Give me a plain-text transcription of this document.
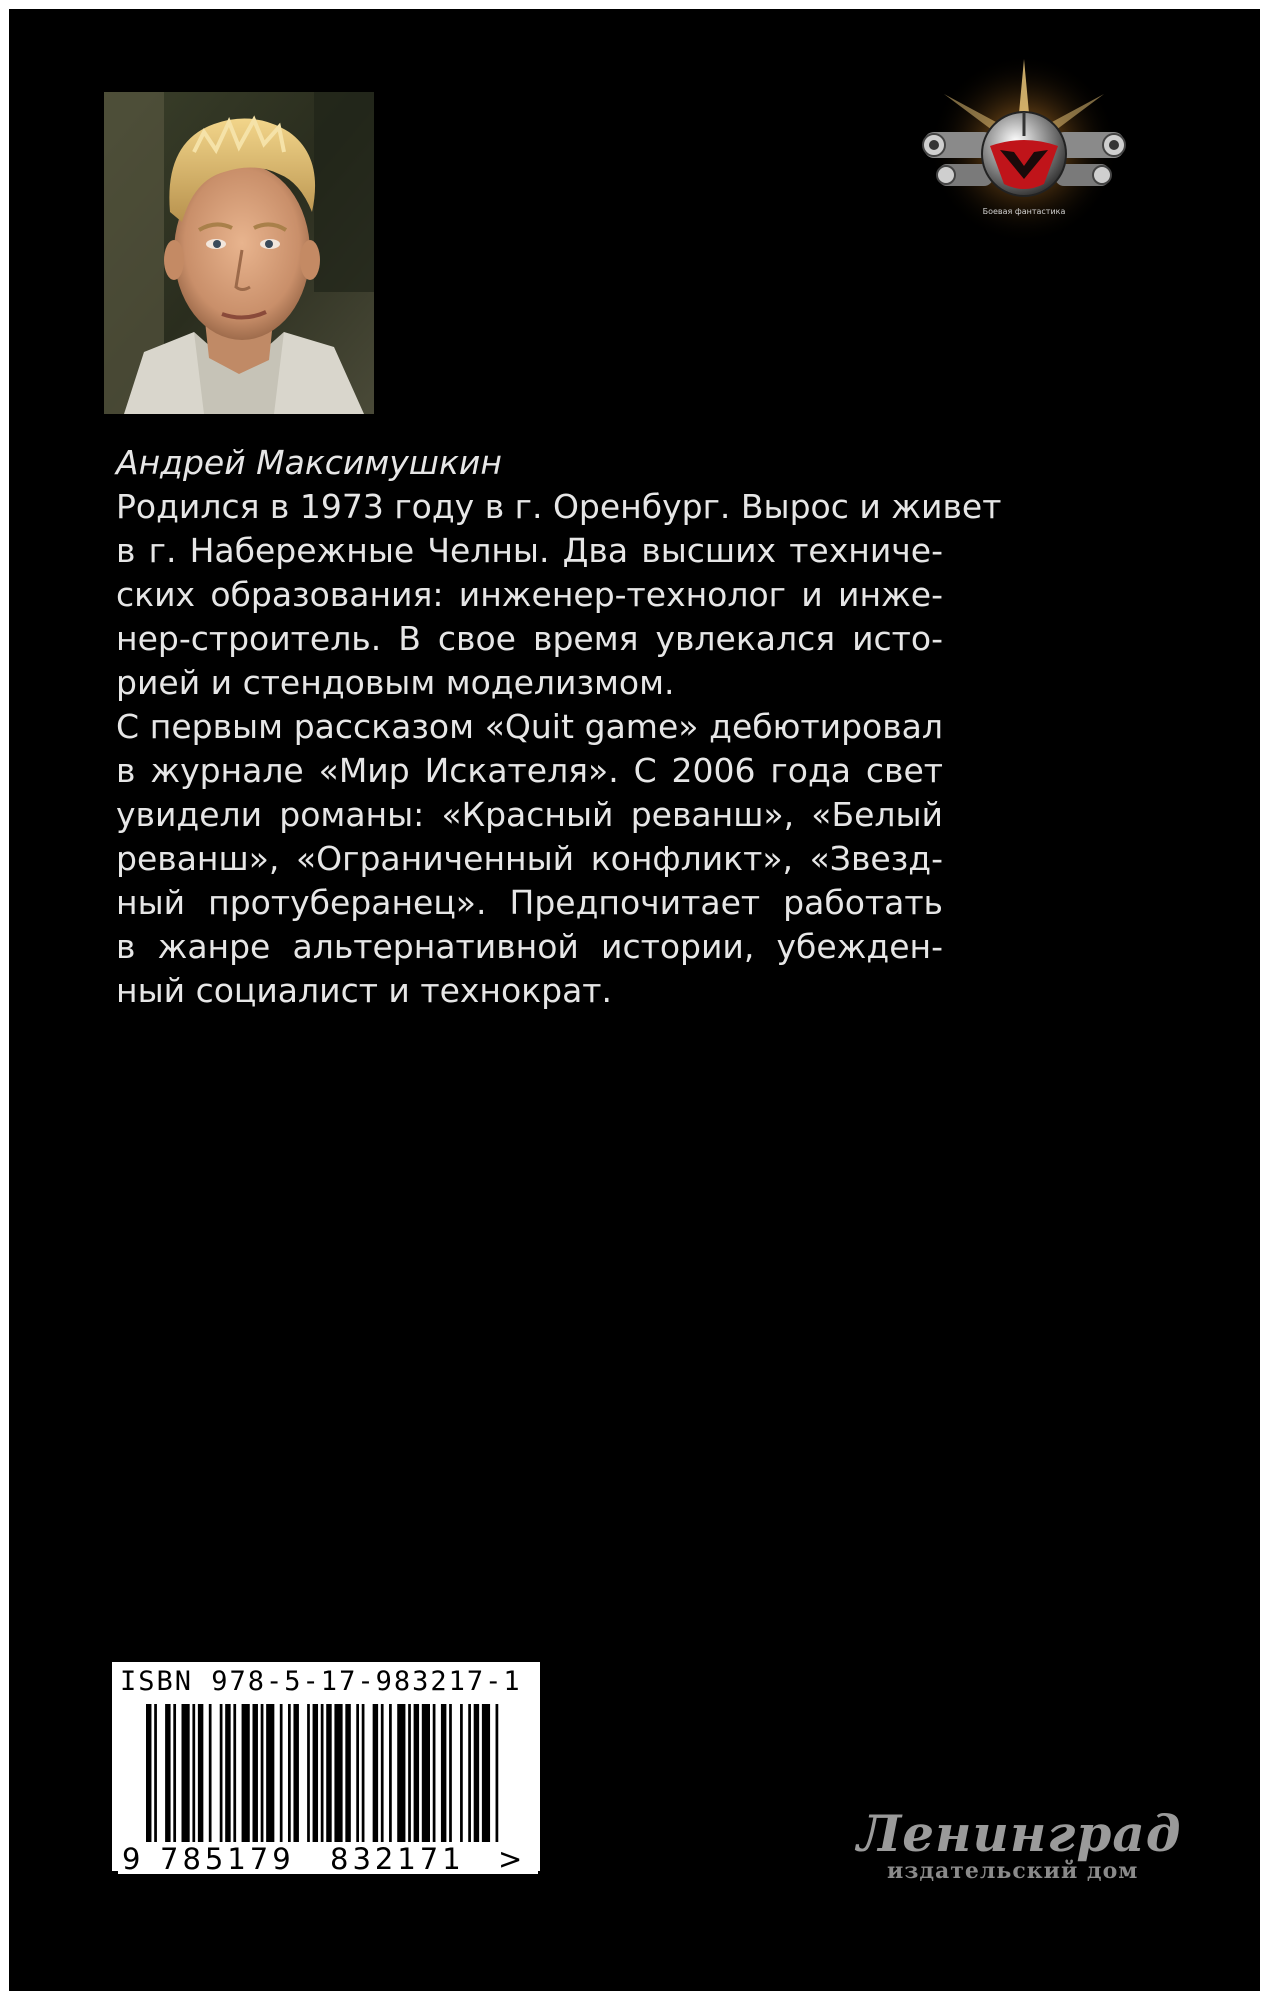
Боевая фантастика
Андрей Максимушкин
Родился в 1973 году в г. Оренбург. Вырос и живет
в г. Набережные Челны. Два высших техниче-
ских образования: инженер-технолог и инже-
нер-строитель. В свое время увлекался исто-
рией и стендовым моделизмом.
С первым рассказом «Quit game» дебютировал
в журнале «Мир Искателя». С 2006 года свет
увидели романы: «Красный реванш», «Белый
реванш», «Ограниченный конфликт», «Звезд-
ный протуберанец». Предпочитает работать
в жанре альтернативной истории, убежден-
ный социалист и технократ.
ISBN 978-5-17-983217-1
9 785179 832171 >	Ленинград
издательский дом
